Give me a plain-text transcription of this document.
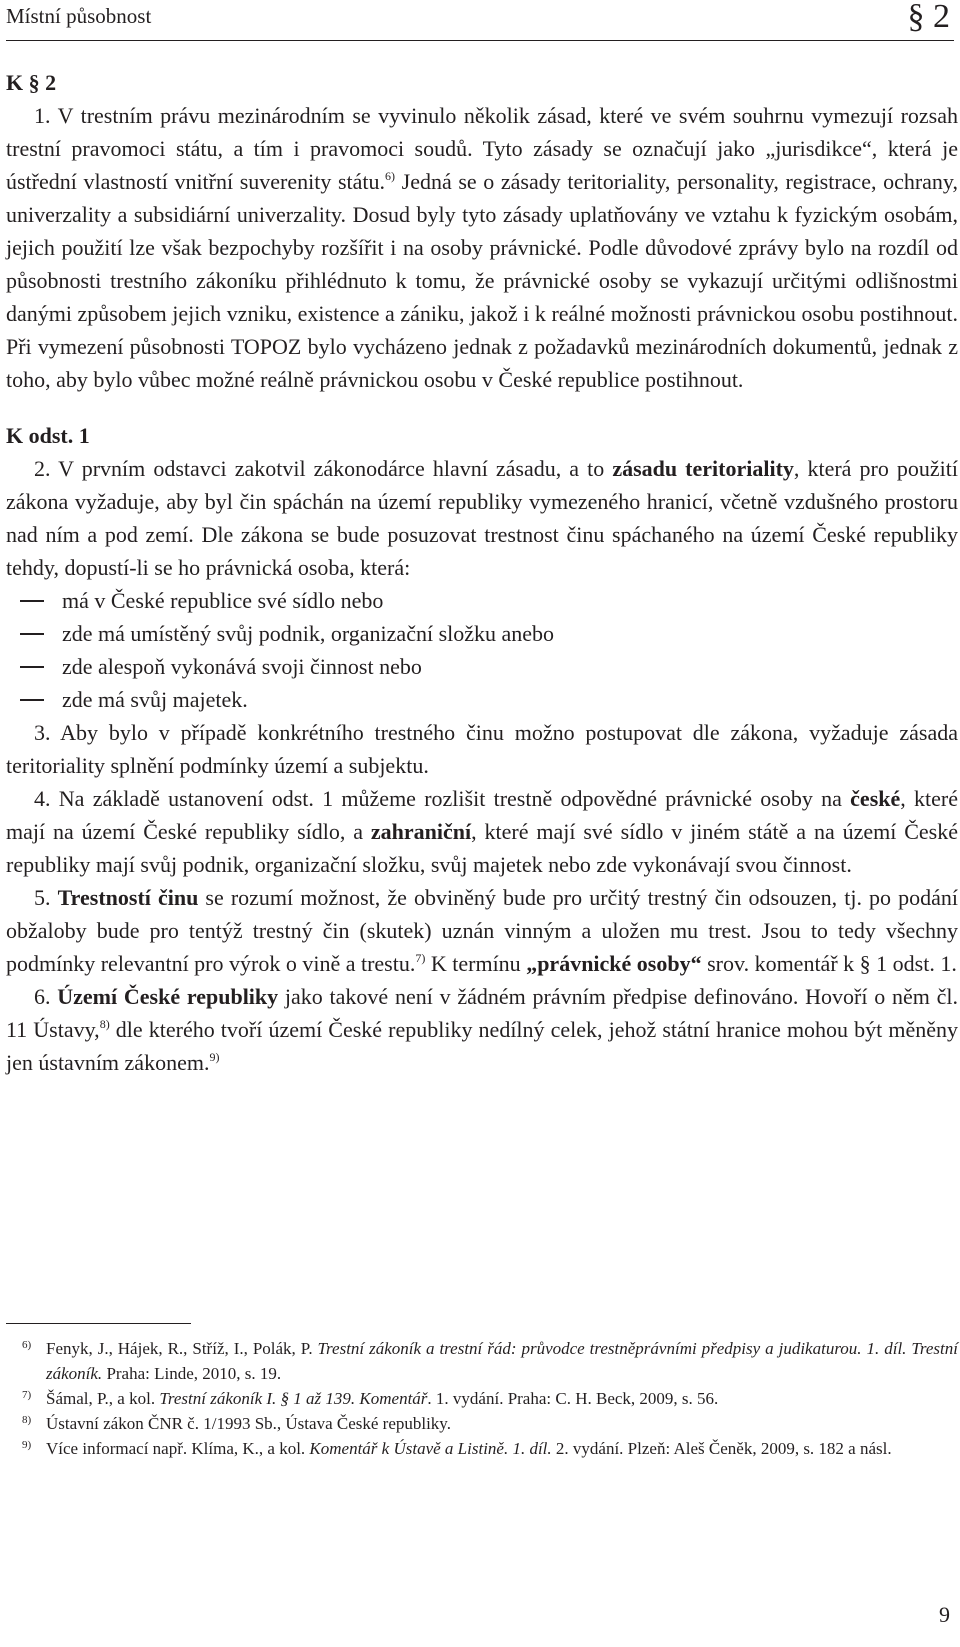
Místní působnost	§ 2
K § 2

1. V trestním právu mezinárodním se vyvinulo několik zásad, které ve svém souhrnu vymezují rozsah trestní pravomoci státu, a tím i pravomoci soudů. Tyto zásady se označují jako „jurisdikce“, která je ústřední vlastností vnitřní suverenity státu.$^{6)}$ Jedná se o zásady teritoriality, personality, registrace, ochrany, univerzality a subsidiární univerzality. Dosud byly tyto zásady uplatňovány ve vztahu k fyzickým osobám, jejich použití lze však bezpochyby rozšířit i na osoby právnické. Podle důvodové zprávy bylo na rozdíl od působnosti trestního zákoníku přihlédnuto k tomu, že právnické osoby se vykazují určitými odlišnostmi danými způsobem jejich vzniku, existence a zániku, jakož i k reálné možnosti právnickou osobu postihnout. Při vymezení působnosti TOPOZ bylo vycházeno jednak z požadavků mezinárodních dokumentů, jednak z toho, aby bylo vůbec možné reálně právnickou osobu v České republice postihnout.

K odst. 1

2. V prvním odstavci zakotvil zákonodárce hlavní zásadu, a to zásadu teritoriality, která pro použití zákona vyžaduje, aby byl čin spáchán na území republiky vymezeného hranicí, včetně vzdušného prostoru nad ním a pod zemí. Dle zákona se bude posuzovat trestnost činu spáchaného na území České republiky tehdy, dopustí-li se ho právnická osoba, která:

má v České republice své sídlo nebo
zde má umístěný svůj podnik, organizační složku anebo
zde alespoň vykonává svoji činnost nebo
zde má svůj majetek.

3. Aby bylo v případě konkrétního trestného činu možno postupovat dle zákona, vyžaduje zásada teritoriality splnění podmínky území a subjektu.

4. Na základě ustanovení odst. 1 můžeme rozlišit trestně odpovědné právnické osoby na české, které mají na území České republiky sídlo, a zahraniční, které mají své sídlo v jiném státě a na území České republiky mají svůj podnik, organizační složku, svůj majetek nebo zde vykonávají svou činnost.

5. Trestností činu se rozumí možnost, že obviněný bude pro určitý trestný čin odsouzen, tj. po podání obžaloby bude pro tentýž trestný čin (skutek) uznán vinným a uložen mu trest. Jsou to tedy všechny podmínky relevantní pro výrok o vině a trestu.$^{7)}$ K termínu „právnické osoby“ srov. komentář k § 1 odst. 1.

6. Území České republiky jako takové není v žádném právním předpise definováno. Hovoří o něm čl. 11 Ústavy,$^{8)}$ dle kterého tvoří území České republiky nedílný celek, jehož státní hranice mohou být měněny jen ústavním zákonem.$^{9)}$

6) Fenyk, J., Hájek, R., Stříž, I., Polák, P. Trestní zákoník a trestní řád: průvodce trestněprávními předpisy a judikaturou. 1. díl. Trestní zákoník. Praha: Linde, 2010, s. 19.
7) Šámal, P., a kol. Trestní zákoník I. § 1 až 139. Komentář. 1. vydání. Praha: C. H. Beck, 2009, s. 56.
8) Ústavní zákon ČNR č. 1/1993 Sb., Ústava České republiky.
9) Více informací např. Klíma, K., a kol. Komentář k Ústavě a Listině. 1. díl. 2. vydání. Plzeň: Aleš Čeněk, 2009, s. 182 a násl.
9
